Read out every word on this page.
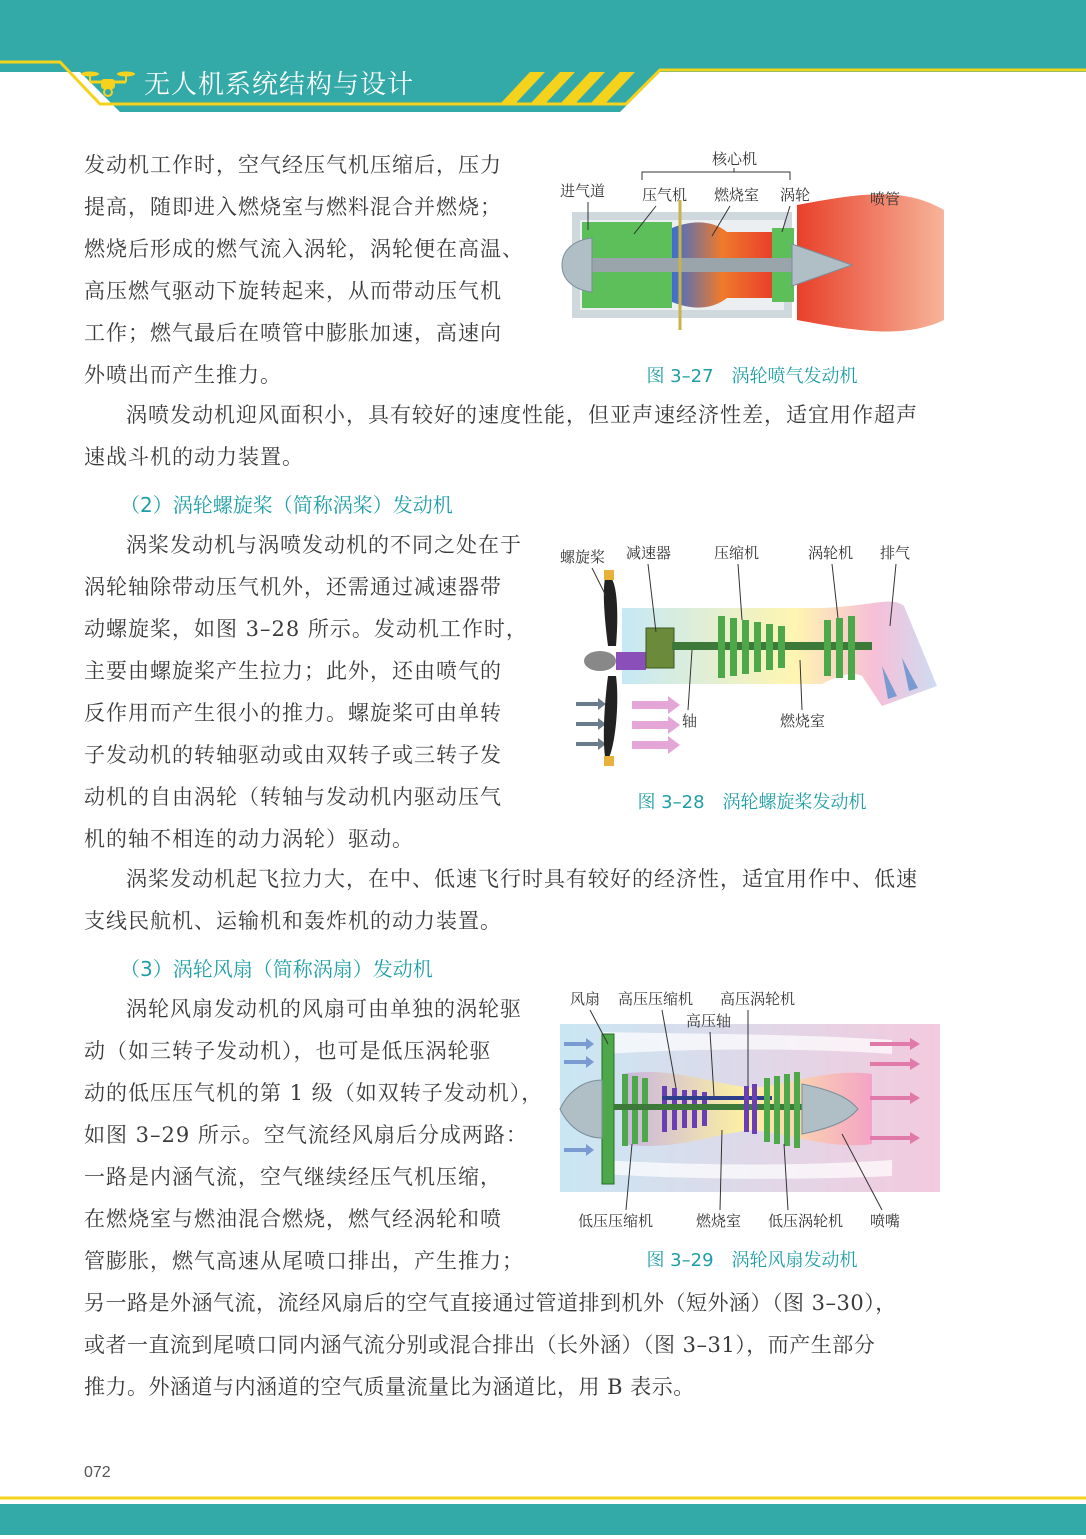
无人机系统结构与设计

发动机工作时，空气经压气机压缩后，压力

提高，随即进入燃烧室与燃料混合并燃烧；

燃烧后形成的燃气流入涡轮，涡轮便在高温、

高压燃气驱动下旋转起来，从而带动压气机

工作；燃气最后在喷管中膨胀加速，高速向

外喷出而产生推力。

核心机
进气道 压气机 燃烧室 涡轮	喷管
图 3–27　涡轮喷气发动机

涡喷发动机迎风面积小，具有较好的速度性能，但亚声速经济性差，适宜用作超声

速战斗机的动力装置。

（2）涡轮螺旋桨（简称涡桨）发动机

涡桨发动机与涡喷发动机的不同之处在于

涡轮轴除带动压气机外，还需通过减速器带

动螺旋桨，如图 3–28 所示。发动机工作时，

主要由螺旋桨产生拉力；此外，还由喷气的

反作用而产生很小的推力。螺旋桨可由单转

子发动机的转轴驱动或由双转子或三转子发

动机的自由涡轮（转轴与发动机内驱动压气

机的轴不相连的动力涡轮）驱动。

螺旋桨 减速器	压缩机	涡轮机 排气
轴	燃烧室
图 3–28　涡轮螺旋桨发动机

涡桨发动机起飞拉力大，在中、低速飞行时具有较好的经济性，适宜用作中、低速

支线民航机、运输机和轰炸机的动力装置。

（3）涡轮风扇（简称涡扇）发动机

涡轮风扇发动机的风扇可由单独的涡轮驱

动（如三转子发动机），也可是低压涡轮驱

动的低压压气机的第 1 级（如双转子发动机），

如图 3–29 所示。空气流经风扇后分成两路：

一路是内涵气流，空气继续经压气机压缩，

在燃烧室与燃油混合燃烧，燃气经涡轮和喷

管膨胀，燃气高速从尾喷口排出，产生推力；

风扇 高压压缩机 高压涡轮机
高压轴
低压压缩机	燃烧室 低压涡轮机 喷嘴
图 3–29　涡轮风扇发动机

另一路是外涵气流，流经风扇后的空气直接通过管道排到机外（短外涵）（图 3–30），

或者一直流到尾喷口同内涵气流分别或混合排出（长外涵）（图 3–31），而产生部分

推力。外涵道与内涵道的空气质量流量比为涵道比，用 B 表示。

072
